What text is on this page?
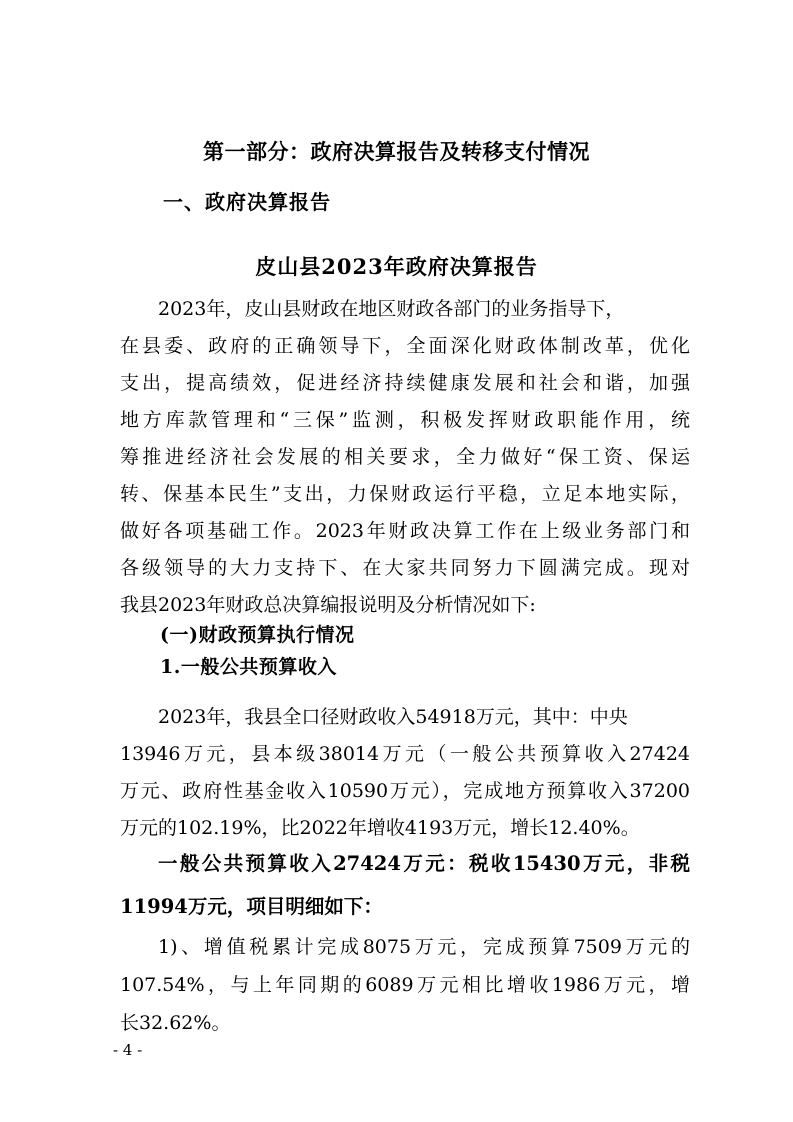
第一部分：政府决算报告及转移支付情况
一、政府决算报告
皮山县2023年政府决算报告
2023年，皮山县财政在地区财政各部门的业务指导下，
在县委、政府的正确领导下，全面深化财政体制改革，优化
支出，提高绩效，促进经济持续健康发展和社会和谐，加强
地方库款管理和“三保”监测，积极发挥财政职能作用，统
筹推进经济社会发展的相关要求，全力做好“保工资、保运
转、保基本民生”支出，力保财政运行平稳，立足本地实际，
做好各项基础工作。2023年财政决算工作在上级业务部门和
各级领导的大力支持下、在大家共同努力下圆满完成。现对
我县2023年财政总决算编报说明及分析情况如下:
(一)财政预算执行情况
1.一般公共预算收入
2023年，我县全口径财政收入54918万元，其中：中央
13946万元，县本级38014万元（一般公共预算收入27424
万元、政府性基金收入10590万元），完成地方预算收入37200
万元的102.19%，比2022年增收4193万元，增长12.40%。
一般公共预算收入27424万元：税收15430万元，非税
11994万元，项目明细如下：
1)、增值税累计完成8075万元，完成预算7509万元的
107.54%，与上年同期的6089万元相比增收1986万元，增
长32.62%。
- 4 -
